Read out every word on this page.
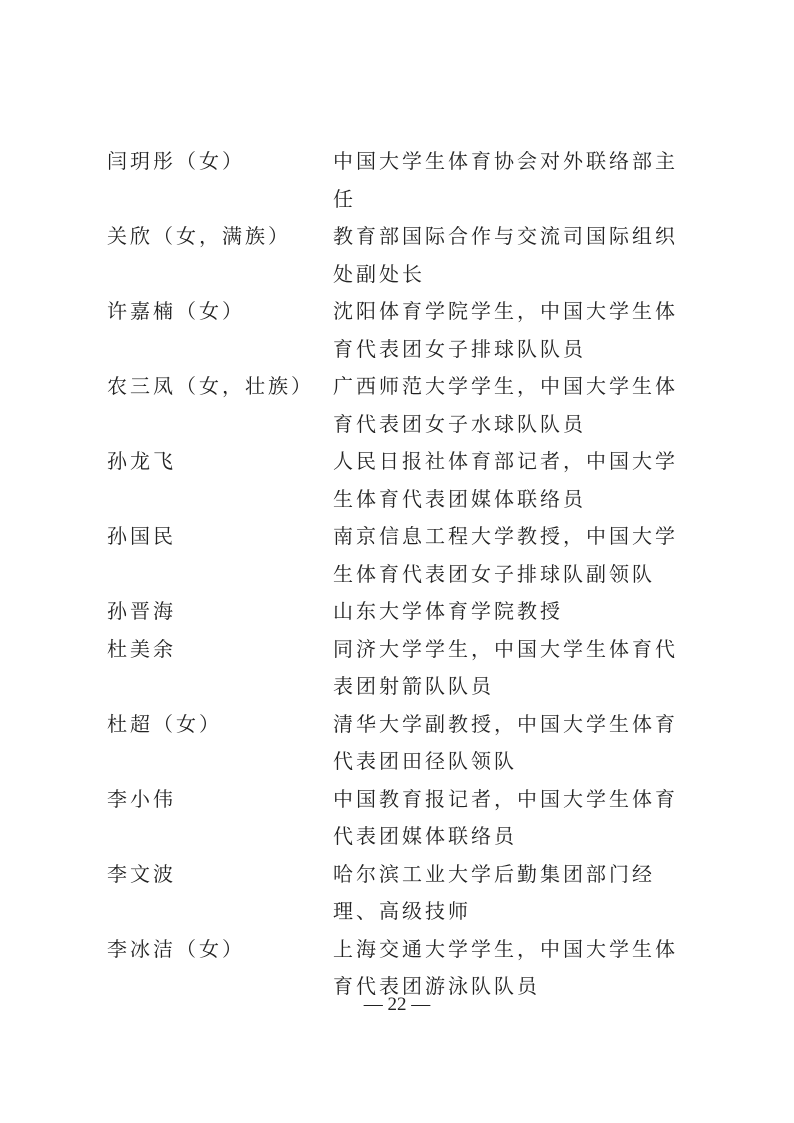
闫玥彤（女）	中国大学生体育协会对外联络部主任
关欣（女，满族）	教育部国际合作与交流司国际组织处副处长
许嘉楠（女）	沈阳体育学院学生，中国大学生体育代表团女子排球队队员
农三凤（女，壮族） 广西师范大学学生，中国大学生体育代表团女子水球队队员
孙龙飞	人民日报社体育部记者，中国大学生体育代表团媒体联络员
孙国民	南京信息工程大学教授，中国大学生体育代表团女子排球队副领队
孙晋海	山东大学体育学院教授
杜美余	同济大学学生，中国大学生体育代表团射箭队队员
杜超（女）	清华大学副教授，中国大学生体育代表团田径队领队
李小伟	中国教育报记者，中国大学生体育代表团媒体联络员
李文波	哈尔滨工业大学后勤集团部门经理、高级技师
李冰洁（女）	上海交通大学学生，中国大学生体育代表团游泳队队员
— 22 —
